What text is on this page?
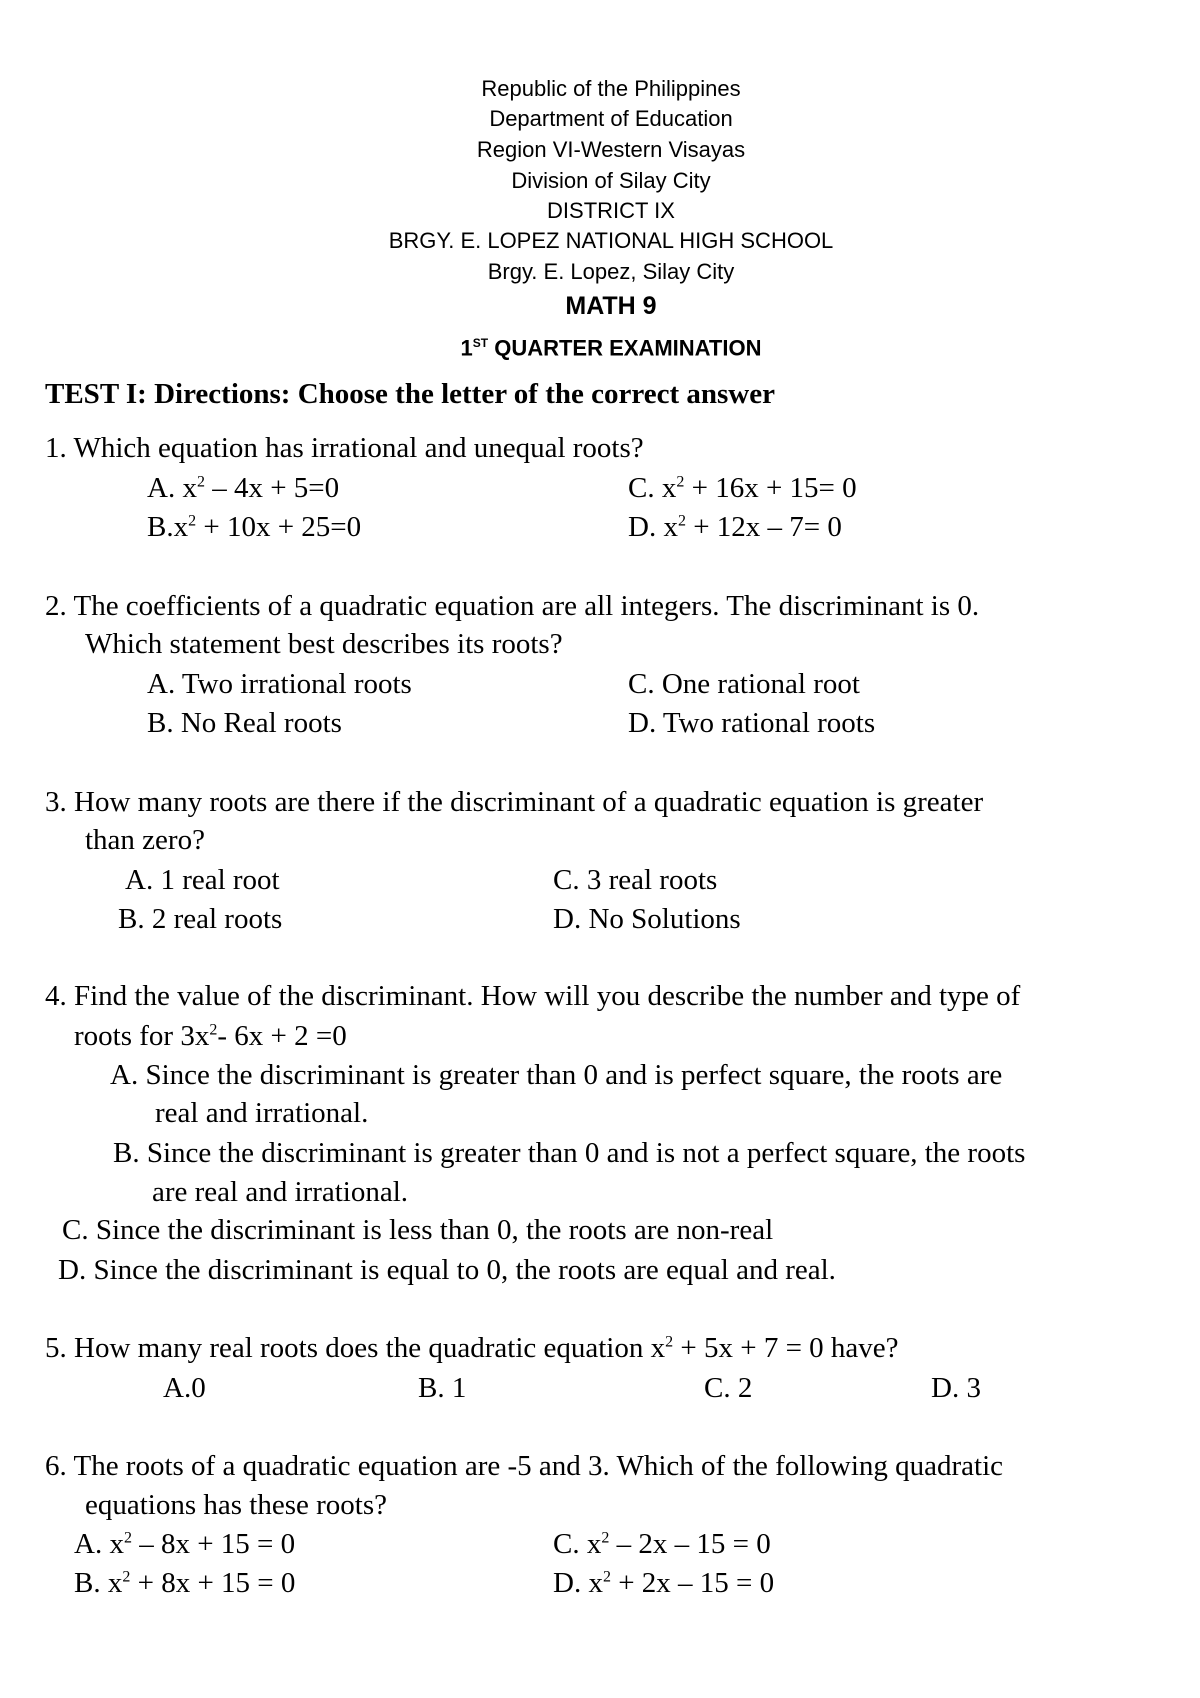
Republic of the Philippines
Department of Education
Region VI-Western Visayas
Division of Silay City
DISTRICT IX
BRGY. E. LOPEZ NATIONAL HIGH SCHOOL
Brgy. E. Lopez, Silay City
MATH 9
1ST QUARTER EXAMINATION
TEST I: Directions: Choose the letter of the correct answer
1. Which equation has irrational and unequal roots?
A. $x^2 - 4x + 5=0$	C. $x^2 + 16x + 15= 0$
$B.x^2 + 10x + 25=0$	D. $x^2 + 12x - 7= 0$
2. The coefficients of a quadratic equation are all integers. The discriminant is 0.
Which statement best describes its roots?
A. Two irrational roots	C. One rational root
B. No Real roots	D. Two rational roots
3. How many roots are there if the discriminant of a quadratic equation is greater
than zero?
A. 1 real root	C. 3 real roots
B. 2 real roots	D. No Solutions
4. Find the value of the discriminant. How will you describe the number and type of
roots for $3x^2-$ 6x + 2 =0
A. Since the discriminant is greater than 0 and is perfect square, the roots are
real and irrational.
B. Since the discriminant is greater than 0 and is not a perfect square, the roots
are real and irrational.
C. Since the discriminant is less than 0, the roots are non-real
D. Since the discriminant is equal to 0, the roots are equal and real.
5. How many real roots does the quadratic equation $x^2 + 5x + 7 = 0$ have?
A.0	B. 1	C. 2	D. 3
6. The roots of a quadratic equation are -5 and 3. Which of the following quadratic
equations has these roots?
A. $x^2 - 8x + 15 = 0$	C. $x^2 - 2x - 15 = 0$
B. $x^2 + 8x + 15 = 0$	D. $x^2 + 2x - 15 = 0$
